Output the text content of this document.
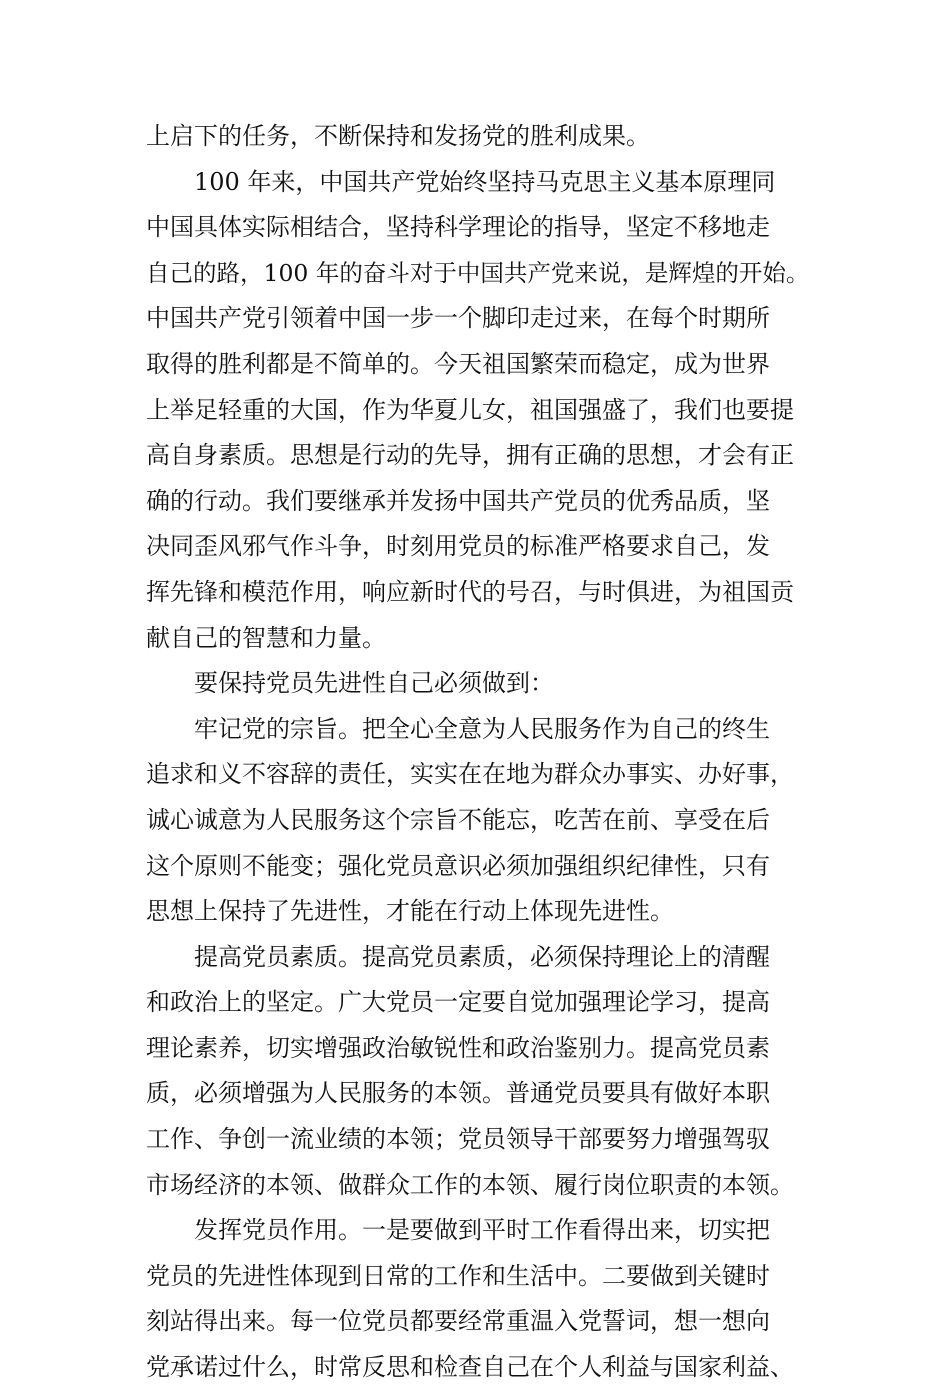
上启下的任务，不断保持和发扬党的胜利成果。
100 年来，中国共产党始终坚持马克思主义基本原理同
中国具体实际相结合，坚持科学理论的指导，坚定不移地走
自己的路，100 年的奋斗对于中国共产党来说，是辉煌的开始。
中国共产党引领着中国一步一个脚印走过来，在每个时期所
取得的胜利都是不简单的。今天祖国繁荣而稳定，成为世界
上举足轻重的大国，作为华夏儿女，祖国强盛了，我们也要提
高自身素质。思想是行动的先导，拥有正确的思想，才会有正
确的行动。我们要继承并发扬中国共产党员的优秀品质，坚
决同歪风邪气作斗争，时刻用党员的标准严格要求自己，发
挥先锋和模范作用，响应新时代的号召，与时俱进，为祖国贡
献自己的智慧和力量。
要保持党员先进性自己必须做到：
牢记党的宗旨。把全心全意为人民服务作为自己的终生
追求和义不容辞的责任，实实在在地为群众办事实、办好事，
诚心诚意为人民服务这个宗旨不能忘，吃苦在前、享受在后
这个原则不能变；强化党员意识必须加强组织纪律性，只有
思想上保持了先进性，才能在行动上体现先进性。
提高党员素质。提高党员素质，必须保持理论上的清醒
和政治上的坚定。广大党员一定要自觉加强理论学习，提高
理论素养，切实增强政治敏锐性和政治鉴别力。提高党员素
质，必须增强为人民服务的本领。普通党员要具有做好本职
工作、争创一流业绩的本领；党员领导干部要努力增强驾驭
市场经济的本领、做群众工作的本领、履行岗位职责的本领。
发挥党员作用。一是要做到平时工作看得出来，切实把
党员的先进性体现到日常的工作和生活中。二要做到关键时
刻站得出来。每一位党员都要经常重温入党誓词，想一想向
党承诺过什么，时常反思和检查自己在个人利益与国家利益、
